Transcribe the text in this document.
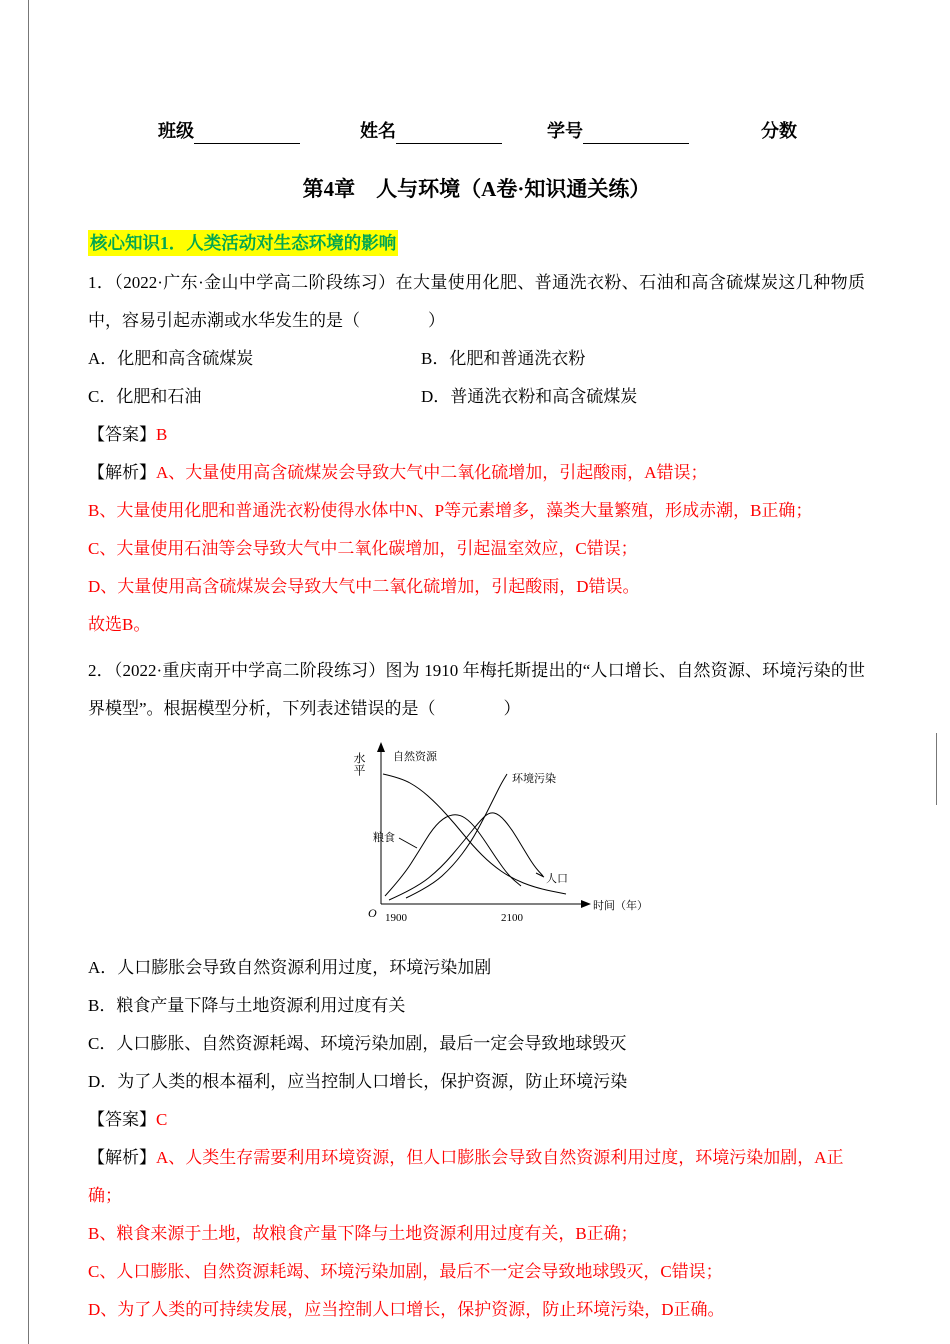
班级	姓名	学号	分数
第4章　人与环境（A卷·知识通关练）
核心知识1．人类活动对生态环境的影响

1．（2022·广东·金山中学高二阶段练习）在大量使用化肥、普通洗衣粉、石油和高含硫煤炭这几种物质中，容易引起赤潮或水华发生的是（　　　　）

A．化肥和高含硫煤炭	B．化肥和普通洗衣粉
C．化肥和石油	D．普通洗衣粉和高含硫煤炭

【答案】B

【解析】A、大量使用高含硫煤炭会导致大气中二氧化硫增加，引起酸雨，A错误；

B、大量使用化肥和普通洗衣粉使得水体中N、P等元素增多，藻类大量繁殖，形成赤潮，B正确；

C、大量使用石油等会导致大气中二氧化碳增加，引起温室效应，C错误；

D、大量使用高含硫煤炭会导致大气中二氧化硫增加，引起酸雨，D错误。

故选B。

2．（2022·重庆南开中学高二阶段练习）图为 1910 年梅托斯提出的“人口增长、自然资源、环境污染的世界模型”。根据模型分析，下列表述错误的是（　　　　）

水平 自然资源
环境污染
粮食
人口
O 1900	2100
时间（年）

A．人口膨胀会导致自然资源利用过度，环境污染加剧

B．粮食产量下降与土地资源利用过度有关

C．人口膨胀、自然资源耗竭、环境污染加剧，最后一定会导致地球毁灭

D．为了人类的根本福利，应当控制人口增长，保护资源，防止环境污染

【答案】C

【解析】A、人类生存需要利用环境资源，但人口膨胀会导致自然资源利用过度，环境污染加剧，A正确；

B、粮食来源于土地，故粮食产量下降与土地资源利用过度有关，B正确；

C、人口膨胀、自然资源耗竭、环境污染加剧，最后不一定会导致地球毁灭，C错误；

D、为了人类的可持续发展，应当控制人口增长，保护资源，防止环境污染，D正确。
